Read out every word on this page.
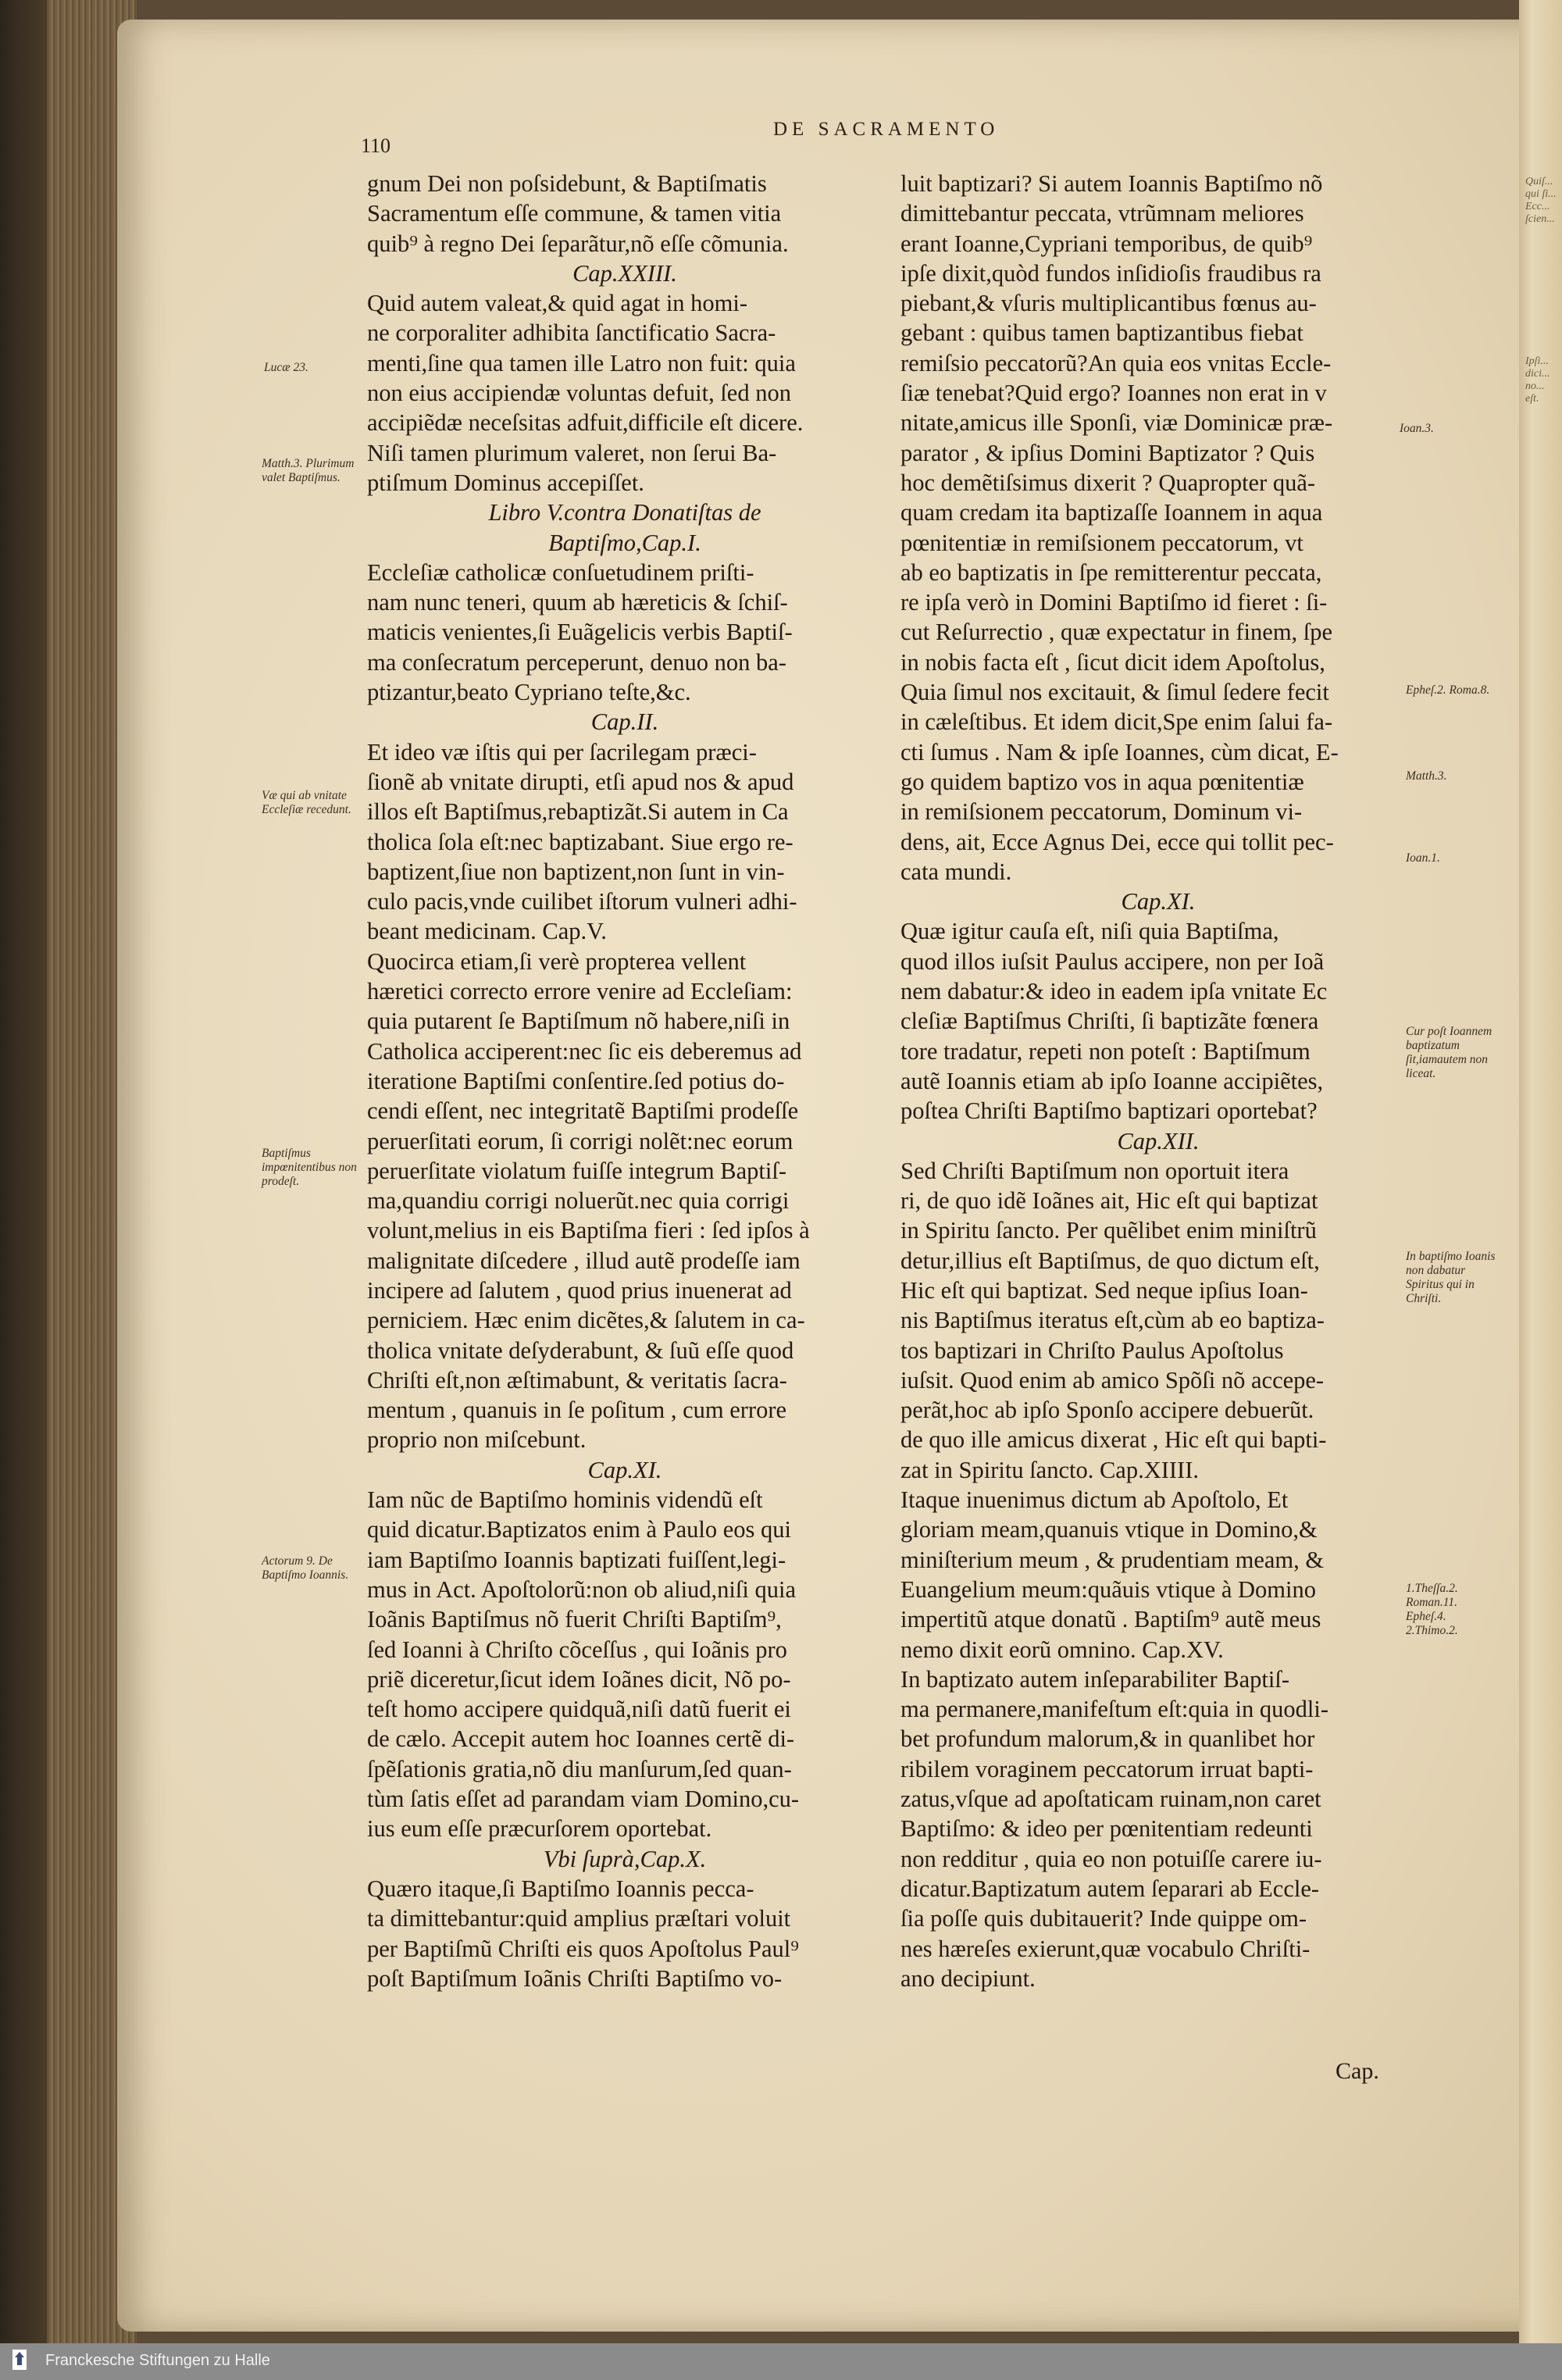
Quiſ... qui ſi... Ecc... ſcien...
Ipſi... dici... no... eſt.
DE SACRAMENTO
110
gnum Dei non poſsidebunt, & Baptiſmatis
Sacramentum eſſe commune, & tamen vitia
quib⁹ à regno Dei ſeparãtur,nõ eſſe cõmunia.
Cap.XXIII.
Quid autem valeat,& quid agat in homi-
ne corporaliter adhibita ſanctificatio Sacra-
menti,ſine qua tamen ille Latro non fuit: quia
non eius accipiendæ voluntas defuit, ſed non
accipiẽdæ neceſsitas adfuit,difficile eſt dicere.
Niſi tamen plurimum valeret, non ſerui Ba-
ptiſmum Dominus accepiſſet.
Libro V.contra Donatiſtas de
Baptiſmo,Cap.I.
Eccleſiæ catholicæ conſuetudinem priſti-
nam nunc teneri, quum ab hæreticis & ſchiſ-
maticis venientes,ſi Euãgelicis verbis Baptiſ-
ma conſecratum perceperunt, denuo non ba-
ptizantur,beato Cypriano teſte,&c.
Cap.II.
Et ideo væ iſtis qui per ſacrilegam præci-
ſionẽ ab vnitate dirupti, etſi apud nos & apud
illos eſt Baptiſmus,rebaptizãt.Si autem in Ca
tholica ſola eſt:nec baptizabant. Siue ergo re-
baptizent,ſiue non baptizent,non ſunt in vin-
culo pacis,vnde cuilibet iſtorum vulneri adhi-
beant medicinam. Cap.V.
Quocirca etiam,ſi verè propterea vellent
hæretici correcto errore venire ad Eccleſiam:
quia putarent ſe Baptiſmum nõ habere,niſi in
Catholica acciperent:nec ſic eis deberemus ad
iteratione Baptiſmi conſentire.ſed potius do-
cendi eſſent, nec integritatẽ Baptiſmi prodeſſe
peruerſitati eorum, ſi corrigi nolẽt:nec eorum
peruerſitate violatum fuiſſe integrum Baptiſ-
ma,quandiu corrigi noluerũt.nec quia corrigi
volunt,melius in eis Baptiſma fieri : ſed ipſos à
malignitate diſcedere , illud autẽ prodeſſe iam
incipere ad ſalutem , quod prius inuenerat ad
perniciem. Hæc enim dicẽtes,& ſalutem in ca-
tholica vnitate deſyderabunt, & ſuũ eſſe quod
Chriſti eſt,non æſtimabunt, & veritatis ſacra-
mentum , quanuis in ſe poſitum , cum errore
proprio non miſcebunt.
Cap.XI.
Iam nũc de Baptiſmo hominis videndũ eſt
quid dicatur.Baptizatos enim à Paulo eos qui
iam Baptiſmo Ioannis baptizati fuiſſent,legi-
mus in Act. Apoſtolorũ:non ob aliud,niſi quia
Ioãnis Baptiſmus nõ fuerit Chriſti Baptiſm⁹,
ſed Ioanni à Chriſto cõceſſus , qui Ioãnis pro
priẽ diceretur,ſicut idem Ioãnes dicit, Nõ po-
teſt homo accipere quidquã,niſi datũ fuerit ei
de cælo. Accepit autem hoc Ioannes certẽ di-
ſpẽſationis gratia,nõ diu manſurum,ſed quan-
tùm ſatis eſſet ad parandam viam Domino,cu-
ius eum eſſe præcurſorem oportebat.
Vbi ſuprà,Cap.X.
Quæro itaque,ſi Baptiſmo Ioannis pecca-
ta dimittebantur:quid amplius præſtari voluit
per Baptiſmũ Chriſti eis quos Apoſtolus Paul⁹
poſt Baptiſmum Ioãnis Chriſti Baptiſmo vo-
luit baptizari? Si autem Ioannis Baptiſmo nõ
dimittebantur peccata, vtrũmnam meliores
erant Ioanne,Cypriani temporibus, de quib⁹
ipſe dixit,quòd fundos inſidioſis fraudibus ra
piebant,& vſuris multiplicantibus fœnus au-
gebant : quibus tamen baptizantibus fiebat
remiſsio peccatorũ?An quia eos vnitas Eccle-
ſiæ tenebat?Quid ergo? Ioannes non erat in v
nitate,amicus ille Sponſi, viæ Dominicæ præ-
parator , & ipſius Domini Baptizator ? Quis
hoc demẽtiſsimus dixerit ? Quapropter quã-
quam credam ita baptizaſſe Ioannem in aqua
pœnitentiæ in remiſsionem peccatorum, vt
ab eo baptizatis in ſpe remitterentur peccata,
re ipſa verò in Domini Baptiſmo id fieret : ſi-
cut Reſurrectio , quæ expectatur in finem, ſpe
in nobis facta eſt , ſicut dicit idem Apoſtolus,
Quia ſimul nos excitauit, & ſimul ſedere fecit
in cæleſtibus. Et idem dicit,Spe enim ſalui fa-
cti ſumus . Nam & ipſe Ioannes, cùm dicat, E-
go quidem baptizo vos in aqua pœnitentiæ
in remiſsionem peccatorum, Dominum vi-
dens, ait, Ecce Agnus Dei, ecce qui tollit pec-
cata mundi.
Cap.XI.
Quæ igitur cauſa eſt, niſi quia Baptiſma,
quod illos iuſsit Paulus accipere, non per Ioã
nem dabatur:& ideo in eadem ipſa vnitate Ec
cleſiæ Baptiſmus Chriſti, ſi baptizãte fœnera
tore tradatur, repeti non poteſt : Baptiſmum
autẽ Ioannis etiam ab ipſo Ioanne accipiẽtes,
poſtea Chriſti Baptiſmo baptizari oportebat?
Cap.XII.
Sed Chriſti Baptiſmum non oportuit itera
ri, de quo idẽ Ioãnes ait, Hic eſt qui baptizat
in Spiritu ſancto. Per quẽlibet enim miniſtrũ
detur,illius eſt Baptiſmus, de quo dictum eſt,
Hic eſt qui baptizat. Sed neque ipſius Ioan-
nis Baptiſmus iteratus eſt,cùm ab eo baptiza-
tos baptizari in Chriſto Paulus Apoſtolus
iuſsit. Quod enim ab amico Spõſi nõ accepe-
perãt,hoc ab ipſo Sponſo accipere debuerũt.
de quo ille amicus dixerat , Hic eſt qui bapti-
zat in Spiritu ſancto. Cap.XIIII.
Itaque inuenimus dictum ab Apoſtolo, Et
gloriam meam,quanuis vtique in Domino,&
miniſterium meum , & prudentiam meam, &
Euangelium meum:quãuis vtique à Domino
impertitũ atque donatũ . Baptiſm⁹ autẽ meus
nemo dixit eorũ omnino. Cap.XV.
In baptizato autem inſeparabiliter Baptiſ-
ma permanere,manifeſtum eſt:quia in quodli-
bet profundum malorum,& in quanlibet hor
ribilem voraginem peccatorum irruat bapti-
zatus,vſque ad apoſtaticam ruinam,non caret
Baptiſmo: & ideo per pœnitentiam redeunti
non redditur , quia eo non potuiſſe carere iu-
dicatur.Baptizatum autem ſeparari ab Eccle-
ſia poſſe quis dubitauerit? Inde quippe om-
nes hæreſes exierunt,quæ vocabulo Chriſti-
ano decipiunt.
Lucæ 23.
Matth.3. Plurimum valet Baptiſmus.
Væ qui ab vnitate Eccleſiæ recedunt.
Baptiſmus impœnitentibus non prodeſt.
Actorum 9. De Baptiſmo Ioannis.
Ioan.3.
Epheſ.2. Roma.8.
Matth.3.
Ioan.1.
Cur poſt Ioannem baptizatum ſit,iamautem non liceat.
In baptiſmo Ioanis non dabatur Spiritus qui in Chriſti.
1.Theſſa.2. Roman.11. Epheſ.4. 2.Thimo.2.
Cap.
Franckesche Stiftungen zu Halle
